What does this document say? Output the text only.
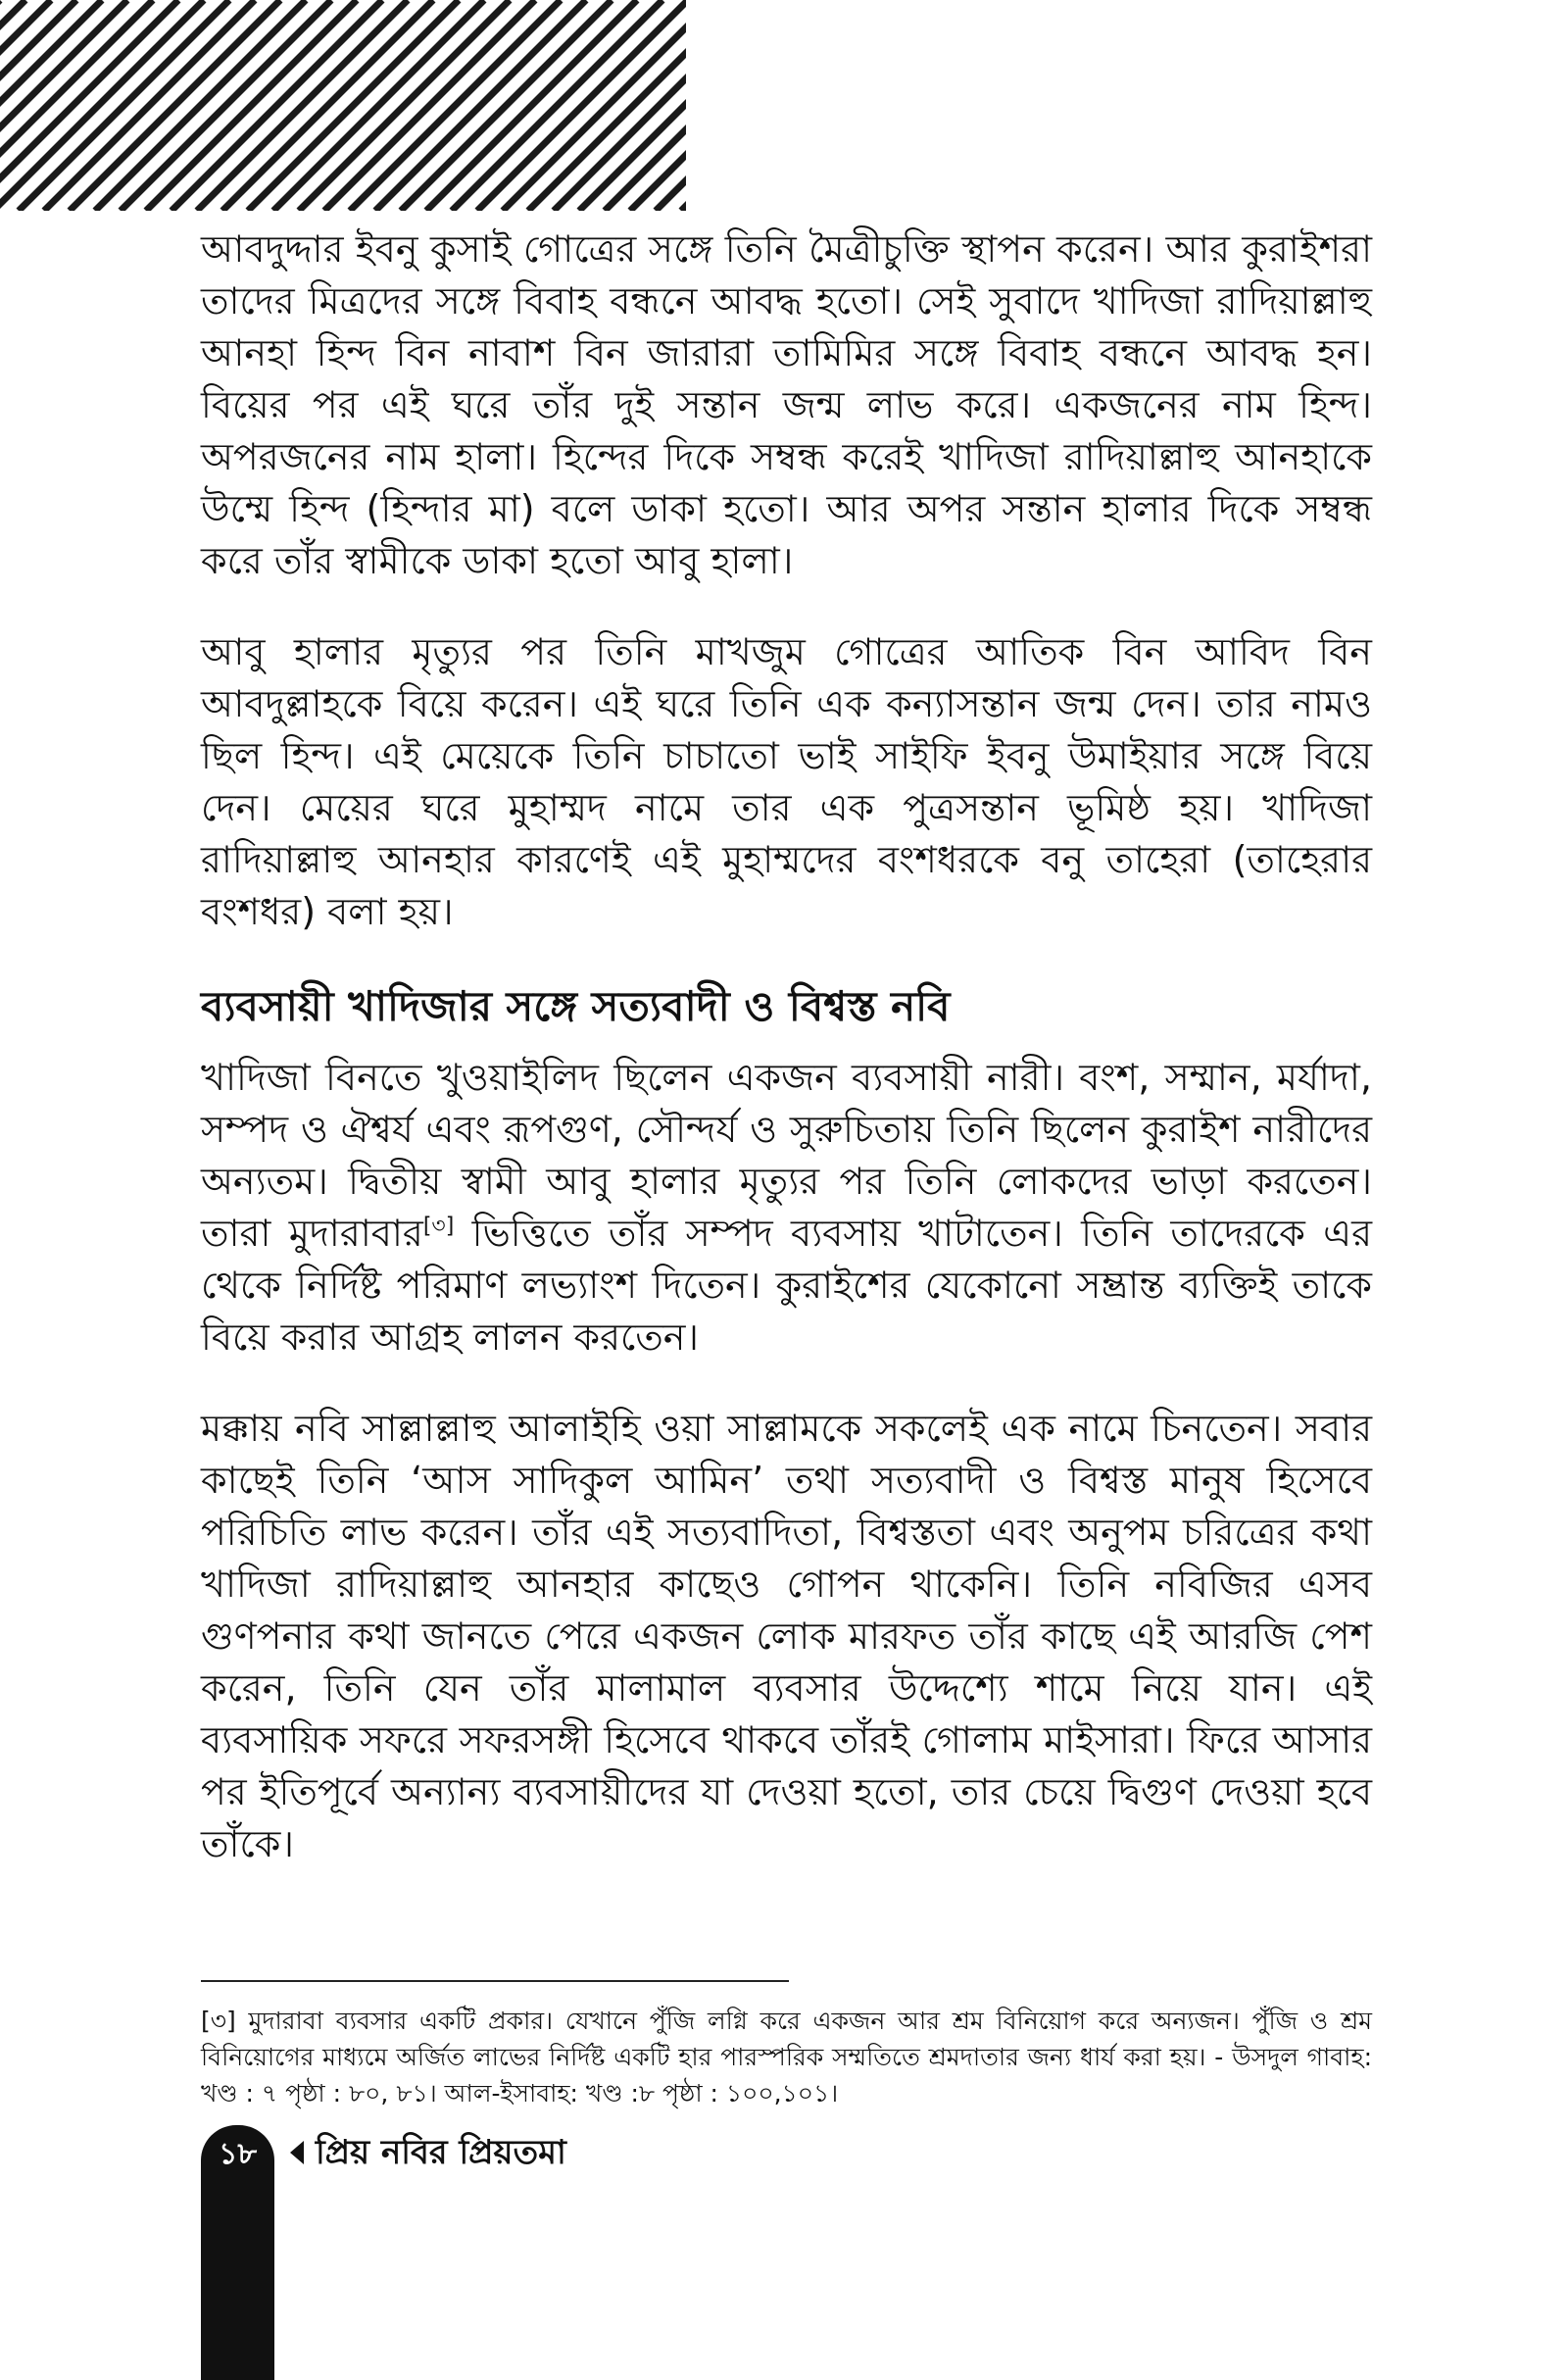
আবদুদ্দার ইবনু কুসাই গোত্রের সঙ্গে তিনি মৈত্রীচুক্তি স্থাপন করেন। আর কুরাইশরা তাদের মিত্রদের সঙ্গে বিবাহ বন্ধনে আবদ্ধ হতো। সেই সুবাদে খাদিজা রাদিয়াল্লাহু আনহা হিন্দ বিন নাবাশ বিন জারারা তামিমির সঙ্গে বিবাহ বন্ধনে আবদ্ধ হন। বিয়ের পর এই ঘরে তাঁর দুই সন্তান জন্ম লাভ করে। একজনের নাম হিন্দ। অপরজনের নাম হালা। হিন্দের দিকে সম্বন্ধ করেই খাদিজা রাদিয়াল্লাহু আনহাকে উম্মে হিন্দ (হিন্দার মা) বলে ডাকা হতো। আর অপর সন্তান হালার দিকে সম্বন্ধ করে তাঁর স্বামীকে ডাকা হতো আবু হালা।

আবু হালার মৃত্যুর পর তিনি মাখজুম গোত্রের আতিক বিন আবিদ বিন আবদুল্লাহকে বিয়ে করেন। এই ঘরে তিনি এক কন্যাসন্তান জন্ম দেন। তার নামও ছিল হিন্দ। এই মেয়েকে তিনি চাচাতো ভাই সাইফি ইবনু উমাইয়ার সঙ্গে বিয়ে দেন। মেয়ের ঘরে মুহাম্মদ নামে তার এক পুত্রসন্তান ভূমিষ্ঠ হয়। খাদিজা রাদিয়াল্লাহু আনহার কারণেই এই মুহাম্মদের বংশধরকে বনু তাহেরা (তাহেরার বংশধর) বলা হয়।

ব্যবসায়ী খাদিজার সঙ্গে সত্যবাদী ও বিশ্বস্ত নবি

খাদিজা বিনতে খুওয়াইলিদ ছিলেন একজন ব্যবসায়ী নারী। বংশ, সম্মান, মর্যাদা, সম্পদ ও ঐশ্বর্য এবং রূপগুণ, সৌন্দর্য ও সুরুচিতায় তিনি ছিলেন কুরাইশ নারীদের অন্যতম। দ্বিতীয় স্বামী আবু হালার মৃত্যুর পর তিনি লোকদের ভাড়া করতেন। তারা মুদারাবার[৩] ভিত্তিতে তাঁর সম্পদ ব্যবসায় খাটাতেন। তিনি তাদেরকে এর থেকে নির্দিষ্ট পরিমাণ লভ্যাংশ দিতেন। কুরাইশের যেকোনো সম্ভ্রান্ত ব্যক্তিই তাকে বিয়ে করার আগ্রহ লালন করতেন।

মক্কায় নবি সাল্লাল্লাহু আলাইহি ওয়া সাল্লামকে সকলেই এক নামে চিনতেন। সবার কাছেই তিনি ‘আস সাদিকুল আমিন’ তথা সত্যবাদী ও বিশ্বস্ত মানুষ হিসেবে পরিচিতি লাভ করেন। তাঁর এই সত্যবাদিতা, বিশ্বস্ততা এবং অনুপম চরিত্রের কথা খাদিজা রাদিয়াল্লাহু আনহার কাছেও গোপন থাকেনি। তিনি নবিজির এসব গুণপনার কথা জানতে পেরে একজন লোক মারফত তাঁর কাছে এই আরজি পেশ করেন, তিনি যেন তাঁর মালামাল ব্যবসার উদ্দেশ্যে শামে নিয়ে যান। এই ব্যবসায়িক সফরে সফরসঙ্গী হিসেবে থাকবে তাঁরই গোলাম মাইসারা। ফিরে আসার পর ইতিপূর্বে অন্যান্য ব্যবসায়ীদের যা দেওয়া হতো, তার চেয়ে দ্বিগুণ দেওয়া হবে তাঁকে।

[৩] মুদারাবা ব্যবসার একটি প্রকার। যেখানে পুঁজি লগ্নি করে একজন আর শ্রম বিনিয়োগ করে অন্যজন। পুঁজি ও শ্রম বিনিয়োগের মাধ্যমে অর্জিত লাভের নির্দিষ্ট একটি হার পারস্পরিক সম্মতিতে শ্রমদাতার জন্য ধার্য করা হয়। - উসদুল গাবাহ: খণ্ড : ৭ পৃষ্ঠা : ৮০, ৮১। আল-ইসাবাহ: খণ্ড :৮ পৃষ্ঠা : ১০০,১০১।

১৮	প্রিয় নবির প্রিয়তমা
